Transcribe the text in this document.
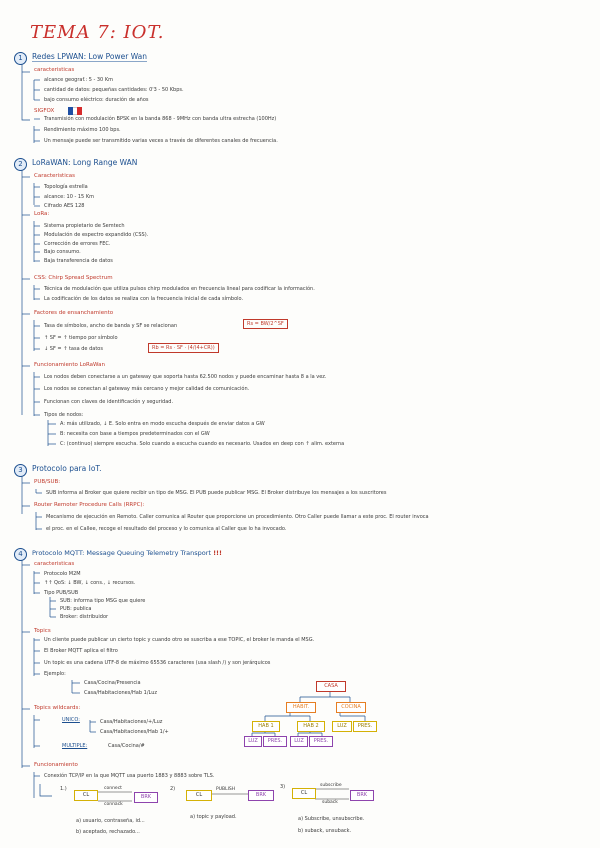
TEMA 7: IOT.
1	Redes LPWAN: Low Power Wan
caracteristicas
alcance geograf.: 5 - 30 Km
cantidad de datos: pequeñas cantidades: 0'3 - 50 Kbps.
bajo consumo eléctrico: duración de años
SIGFOX
Transmisión con modulación BPSK en la banda 868 - 9MHz con banda ultra estrecha (100Hz)
Rendimiento máximo 100 bps.
Un mensaje puede ser transmitido varias veces a través de diferentes canales de frecuencia.
2	LoRaWAN: Long Range WAN
Caracteristicas
Topología estrella
alcance: 10 - 15 Km
Cifrado AES 128
LoRa:
Sistema propietario de Semtech
Modulación de espectro expandido (CSS).
Corrección de errores FEC.
Bajo consumo.
Baja transferencia de datos
CSS: Chirp Spread Spectrum
Técnica de modulación que utiliza pulsos chirp modulados en frecuencia lineal para codificar la información.
La codificación de los datos se realiza con la frecuencia inicial de cada símbolo.
Factores de ensanchamiento
Tasa de símbolos, ancho de banda y SF se relacionan	Rs = BW/2^SF
↑ SF = ↑ tiempo por símbolo
↓ SF = ↑ tasa de datos	Rb = Rs · SF · (4/(4+CR))
Funcionamiento LoRaWan
Los nodos deben conectarse a un gateway que soporta hasta 62.500 nodos y puede encaminar hasta 8 a la vez.
Los nodos se conectan al gateway más cercano y mejor calidad de comunicación.
Funcionan con claves de identificación y seguridad.
Tipos de nodos:
A: más utilizado, ↓ E. Solo entra en modo escucha después de enviar datos a GW
B: necesita con base a tiempos predeterminados con el GW
C: (continuo) siempre escucha. Solo cuando a escucha cuando es necesario. Usados en deep con ↑ alim. externa
3	Protocolo para IoT.
PUB/SUB:
SUB informa al Broker que quiere recibir un tipo de MSG. El PUB puede publicar MSG. El Broker distribuye los mensajes a los suscritores
Router Remoter Procedure Calls (RRPC):
Mecanismo de ejecución en Remoto. Caller comunica al Router que proporcione un procedimiento. Otro Caller puede llamar a este proc. El router invoca
el proc. en el Callee, recoge el resultado del proceso y lo comunica al Caller que lo ha invocado.
4	Protocolo MQTT: Message Queuing Telemetry Transport !!!
caracteristicas
Protocolo M2M
↑↑ QoS: ↓ BW, ↓ cons., ↓ recursos.
Tipo PUB/SUB
SUB: informa tipo MSG que quiere
PUB: publica
Broker: distribuidor
Topics
Un cliente puede publicar un cierto topic y cuando otro se suscriba a ese TOPIC, el broker le manda el MSG.
El Broker MQTT aplica el filtro
Un topic es una cadena UTF-8 de máximo 65536 caracteres (usa slash /) y son jerárquicos
Ejemplo:
Casa/Cocina/Presencia
Casa/Habitaciones/Hab 1/Luz
Topics wildcards:
UNICO:	Casa/Habitaciones/+/Luz
Casa/Habitaciones/Hab 1/+
MULTIPLE:	Casa/Cocina/#
CASA
HABIT.	COCINA
HAB 1	HAB 2	LUZ	PRES.
LUZ	PRES.	LUZ	PRES.
Funcionamiento
Conexión TCP/IP en la que MQTT usa puerto 1883 y 8883 sobre TLS.
1.)
CL	BRK
connect
connack
2)
CL	BRK
PUBLISH	3)
CL	BRK
subscribe
suback
a) usuario, contraseña, id...
b) aceptado, rechazado...
a) topic y payload.	a) Subscribe, unsubscribe.
b) suback, unsuback.
